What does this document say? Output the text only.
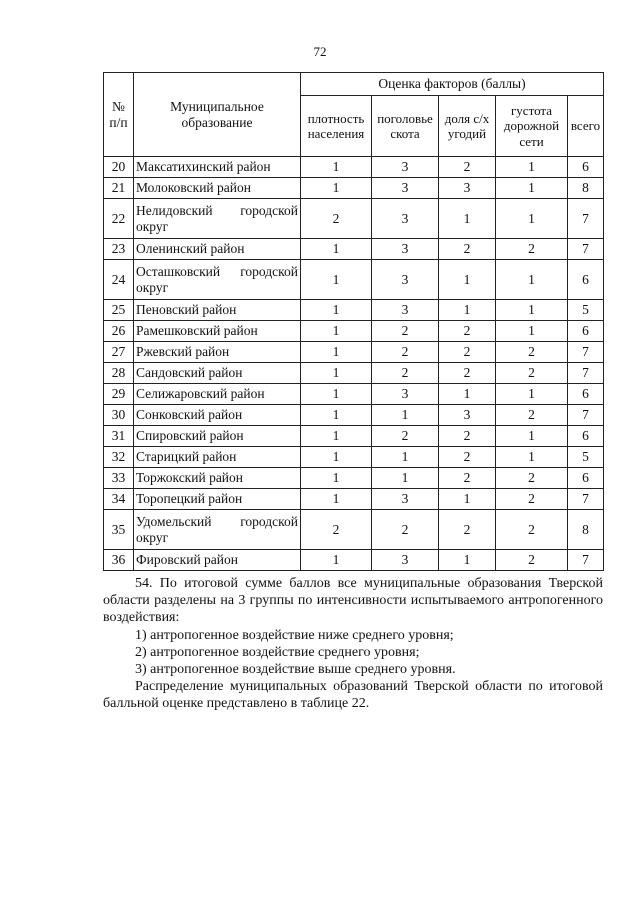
72
№
п/п	Муниципальное образование	Оценка факторов (баллы)				
		плотность населения	поголовье скота	доля с/х угодий	густота дорожной сети	всего
20	Максатихинский район	1	3	2	1	6
21	Молоковский район	1	3	3	1	8
22	Нелидовский городской округ	2	3	1	1	7
23	Оленинский район	1	3	2	2	7
24	Осташковский городской округ	1	3	1	1	6
25	Пеновский район	1	3	1	1	5
26	Рамешковский район	1	2	2	1	6
27	Ржевский район	1	2	2	2	7
28	Сандовский район	1	2	2	2	7
29	Селижаровский район	1	3	1	1	6
30	Сонковский район	1	1	3	2	7
31	Спировский район	1	2	2	1	6
32	Старицкий район	1	1	2	1	5
33	Торжокский район	1	1	2	2	6
34	Торопецкий район	1	3	1	2	7
35	Удомельский городской округ	2	2	2	2	8
36	Фировский район	1	3	1	2	7

54. По итоговой сумме баллов все муниципальные образования Тверской области разделены на 3 группы по интенсивности испытываемого антропогенного воздействия:

1) антропогенное воздействие ниже среднего уровня;

2) антропогенное воздействие среднего уровня;

3) антропогенное воздействие выше среднего уровня.

Распределение муниципальных образований Тверской области по итоговой балльной оценке представлено в таблице 22.
